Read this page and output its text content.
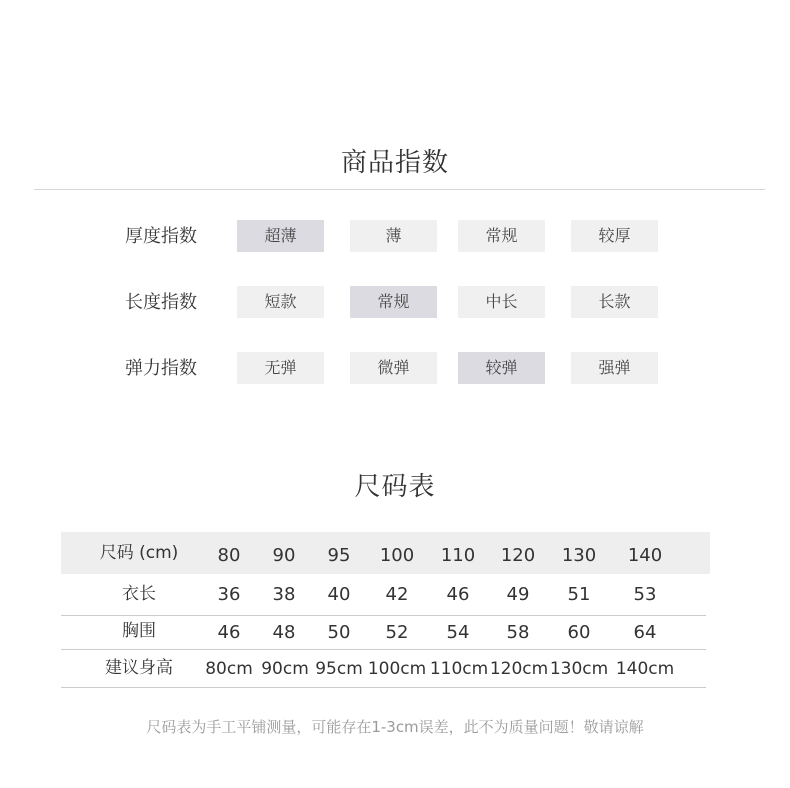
商品指数
厚度指数	超薄	薄	常规	较厚
长度指数	短款	常规	中长	长款
弹力指数	无弹	微弹	较弹	强弹
尺码表
尺码 (cm)	80	90	95	100	110	120	130	140
衣长	36	38	40	42	46	49	51	53
胸围	46	48	50	52	54	58	60	64
建议身高	80cm 90cm 95cm 100cm 110cm 120cm 130cm 140cm
尺码表为手工平铺测量，可能存在1-3cm误差，此不为质量问题！敬请谅解
